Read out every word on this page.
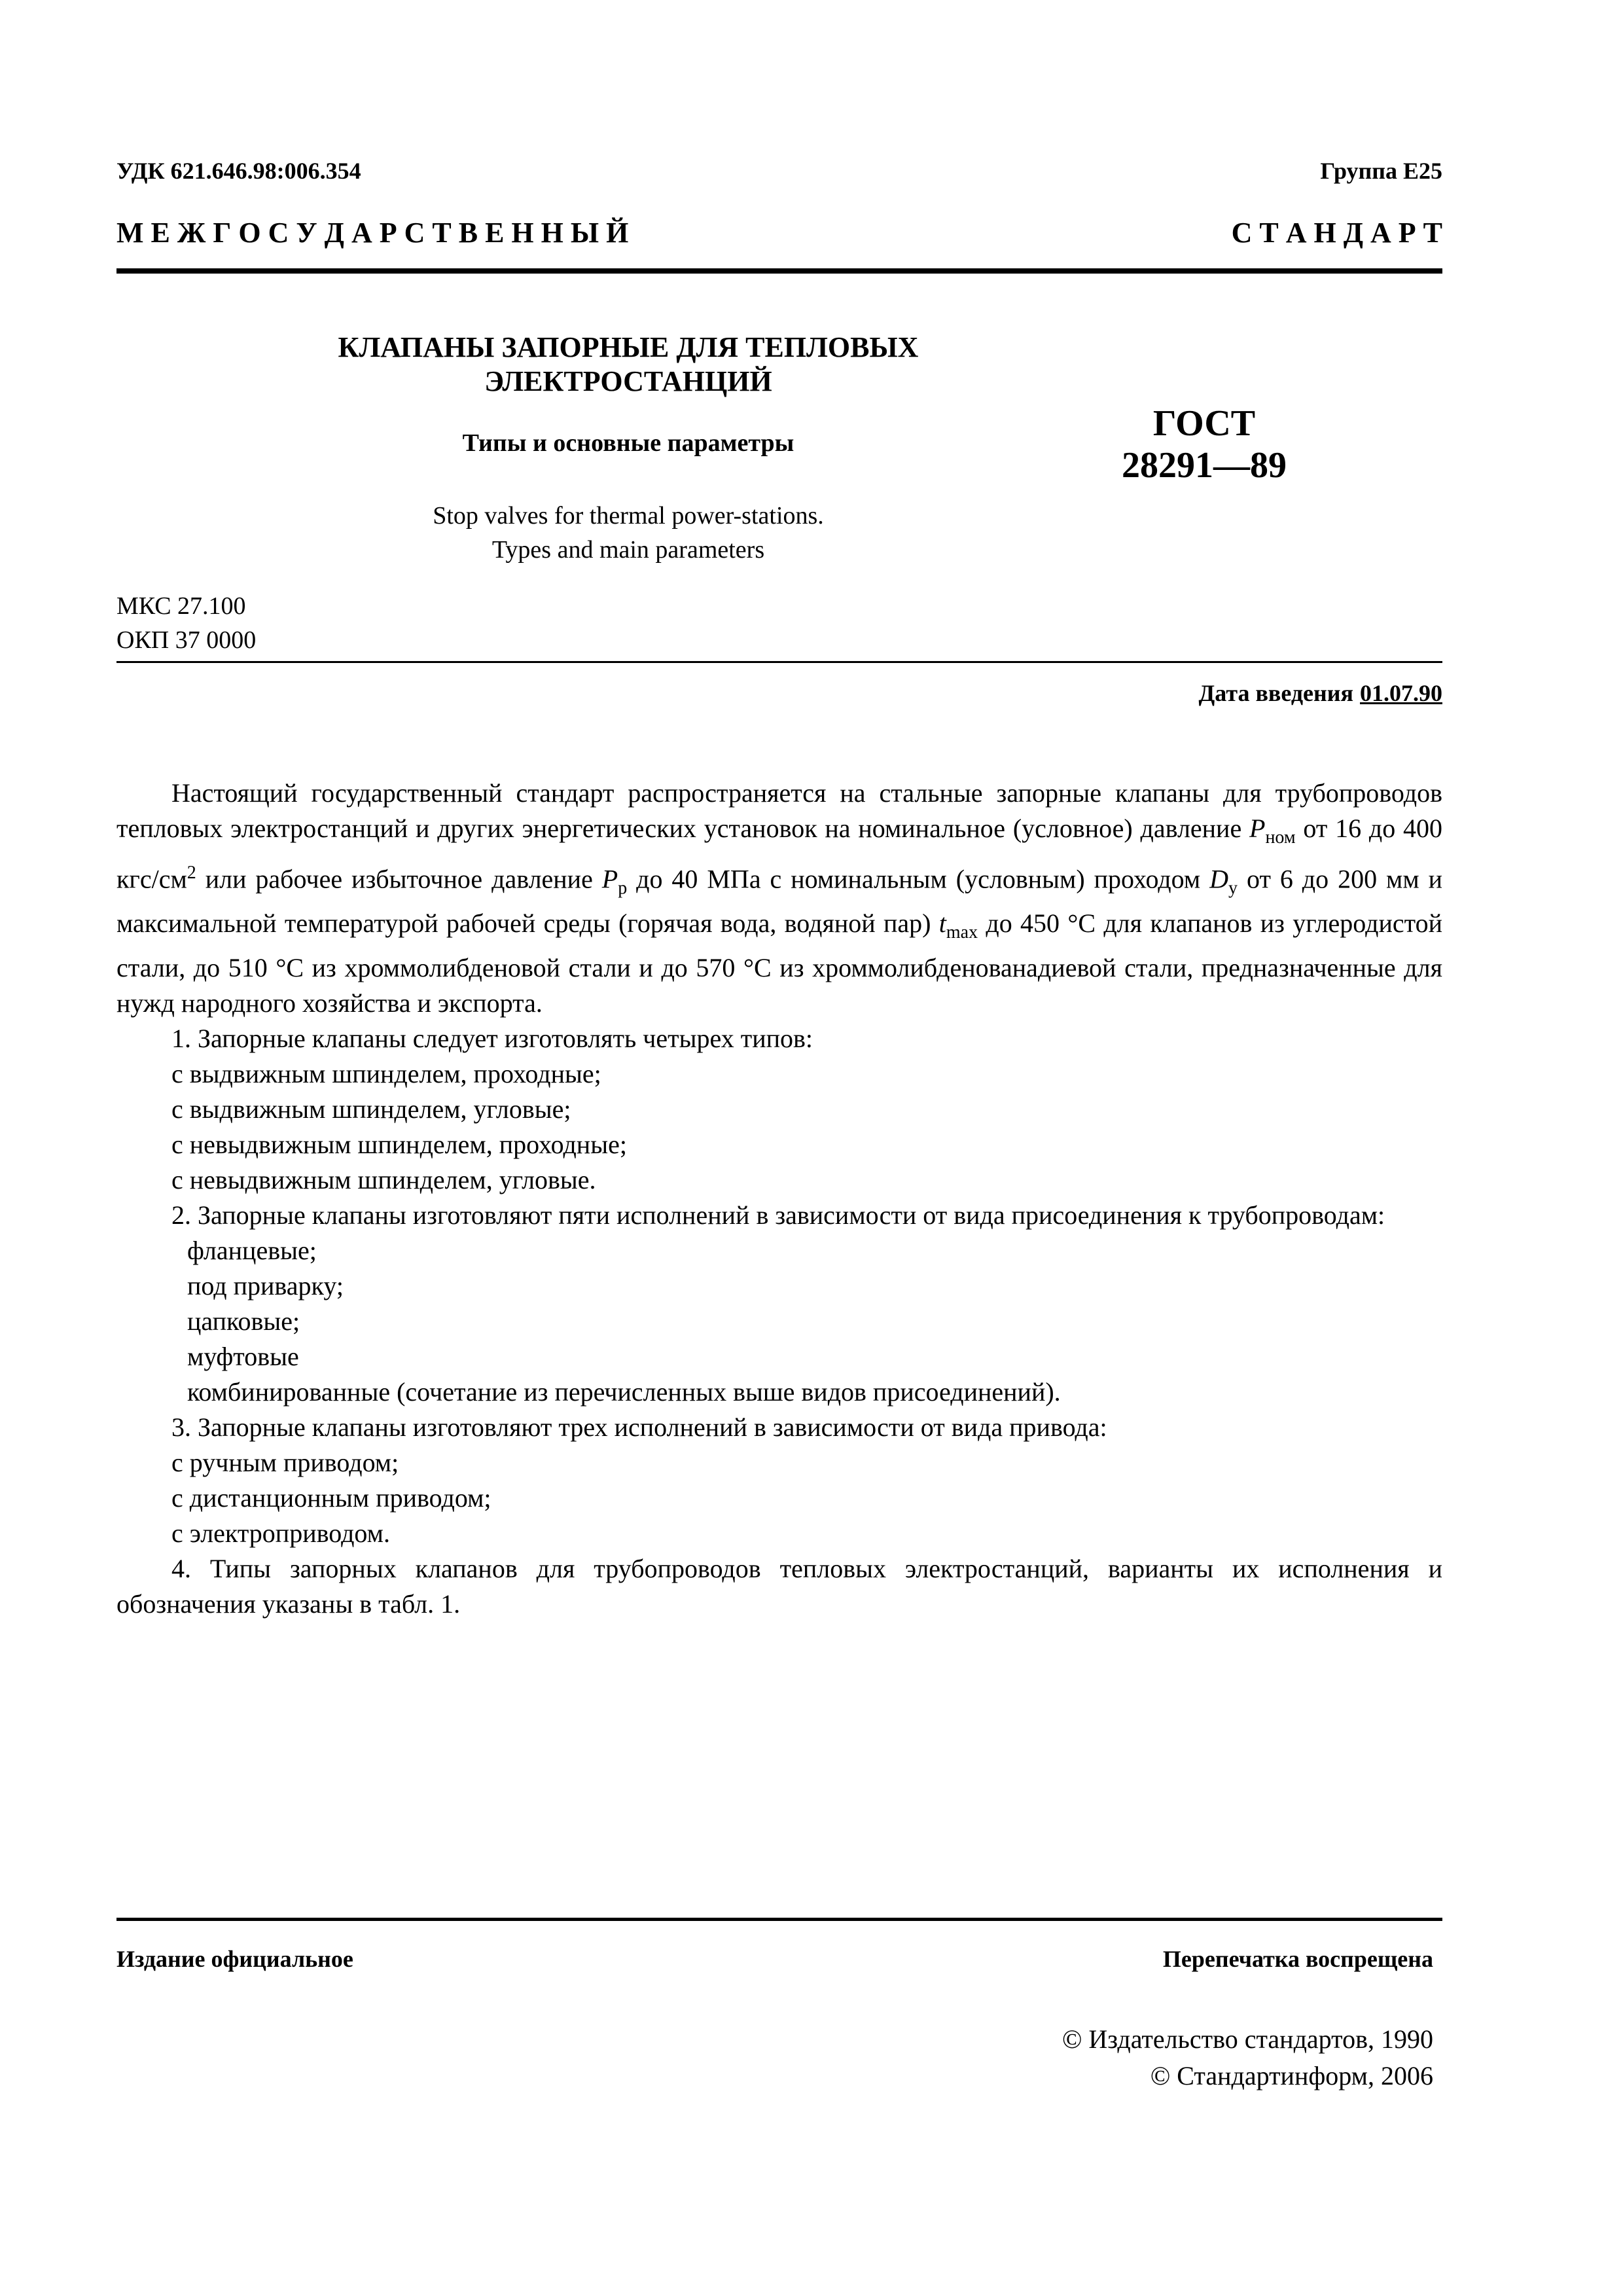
УДК 621.646.98:006.354	Группа Е25
М Е Ж Г О С У Д А Р С Т В Е Н Н Ы Й	С Т А Н Д А Р Т
КЛАПАНЫ ЗАПОРНЫЕ ДЛЯ ТЕПЛОВЫХ
ЭЛЕКТРОСТАНЦИЙ
Типы и основные параметры	ГОСТ
28291—89
Stop valves for thermal power-stations.
Types and main parameters
МКС 27.100
ОКП 37 0000
Дата введения 01.07.90

Настоящий государственный стандарт распространяется на стальные запорные клапаны для трубопроводов тепловых электростанций и других энергетических установок на номинальное (условное) давление $P_{ном}$ от 16 до 400 кгс/$см^2$ или рабочее избыточное давление $P_р$ до 40 МПа с номинальным (условным) проходом $D_у$ от 6 до 200 мм и максимальной температурой рабочей среды (горячая вода, водяной пар) $t_{max}$ до 450 °С для клапанов из углеродистой стали, до 510 °С из хроммолибденовой стали и до 570 °С из хроммолибденованадиевой стали, предназначенные для нужд народного хозяйства и экспорта.

1. Запорные клапаны следует изготовлять четырех типов:

с выдвижным шпинделем, проходные;

с выдвижным шпинделем, угловые;

с невыдвижным шпинделем, проходные;

с невыдвижным шпинделем, угловые.

2. Запорные клапаны изготовляют пяти исполнений в зависимости от вида присоединения к трубопроводам:

фланцевые;

под приварку;

цапковые;

муфтовые

комбинированные (сочетание из перечисленных выше видов присоединений).

3. Запорные клапаны изготовляют трех исполнений в зависимости от вида привода:

с ручным приводом;

с дистанционным приводом;

с электроприводом.

4. Типы запорных клапанов для трубопроводов тепловых электростанций, варианты их исполнения и обозначения указаны в табл. 1.

Издание официальное	Перепечатка воспрещена
© Издательство стандартов, 1990
© Стандартинформ, 2006
